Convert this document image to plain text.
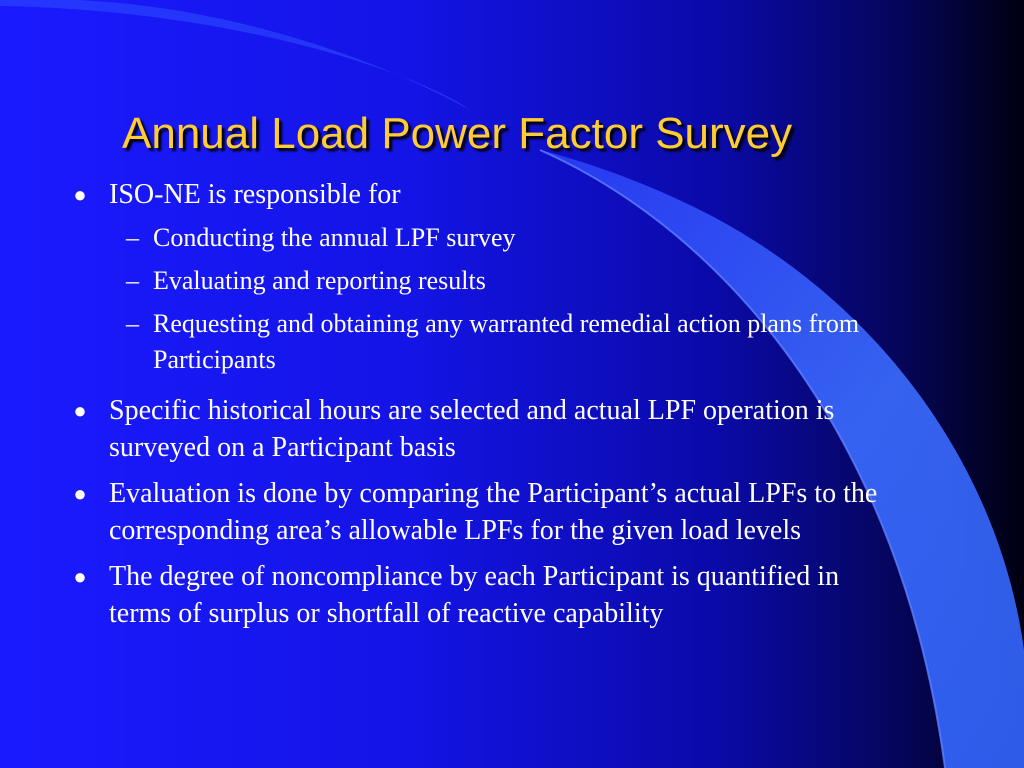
Annual Load Power Factor Survey
● ISO-NE is responsible for
– Conducting the annual LPF survey
– Evaluating and reporting results
– Requesting and obtaining any warranted remedial action plans from Participants
● Specific historical hours are selected and actual LPF operation is surveyed on a Participant basis
● Evaluation is done by comparing the Participant’s actual LPFs to the corresponding area’s allowable LPFs for the given load levels
● The degree of noncompliance by each Participant is quantified in terms of surplus or shortfall of reactive capability
